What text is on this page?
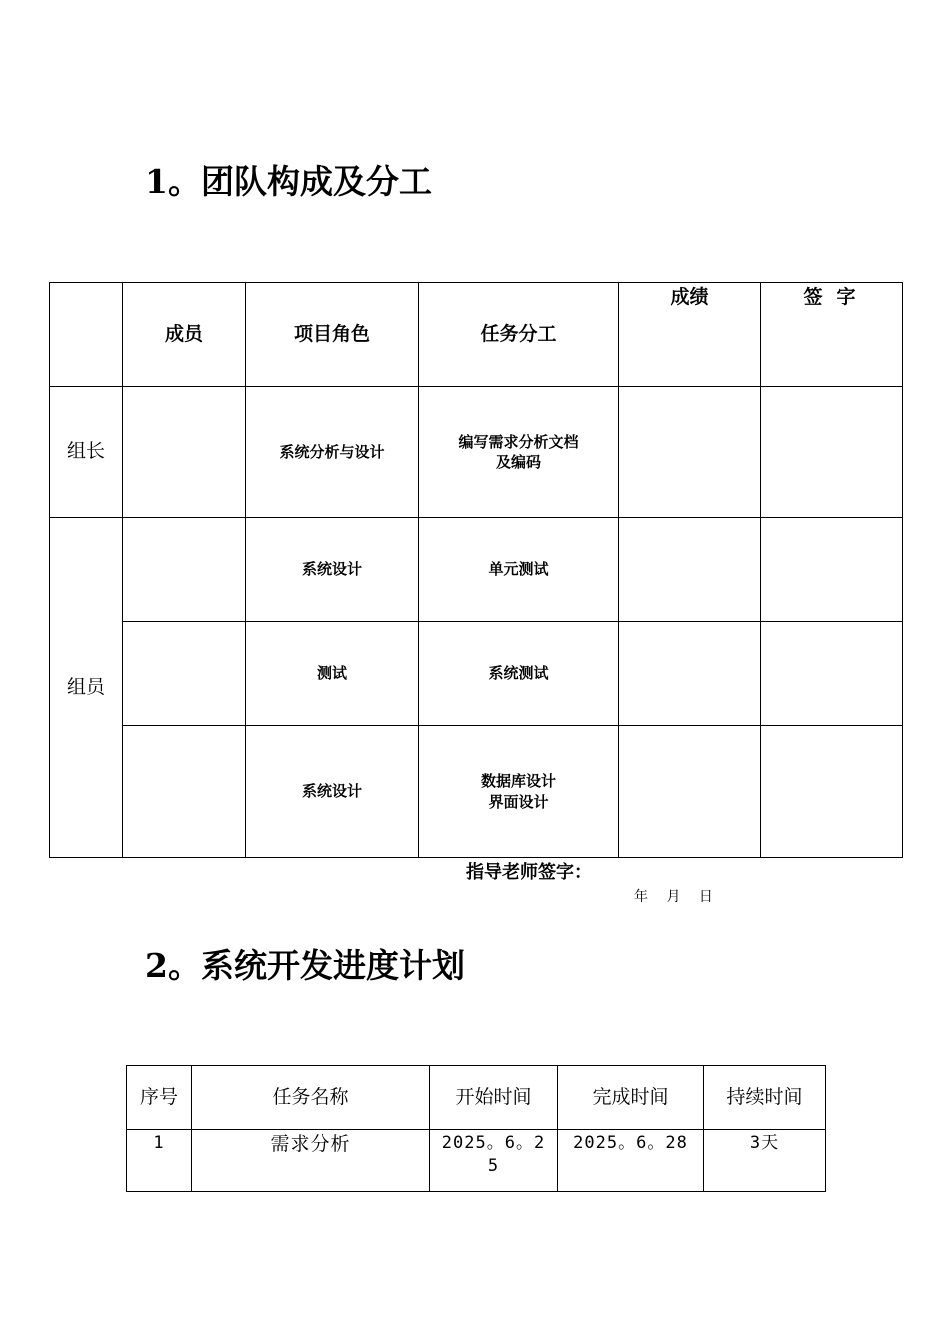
1。团队构成及分工
	成员	项目角色	任务分工	成绩	签字
组长		系统分析与设计	编写需求分析文档
及编码		

组员		系统设计	单元测试		
		测试	系统测试		
		系统设计	数据库设计
界面设计		

指导老师签字：
年 月 日
2。系统开发进度计划
序号	任务名称	开始时间	完成时间	持续时间
1	需求分析	2025。6。25	2025。6。28	3天
